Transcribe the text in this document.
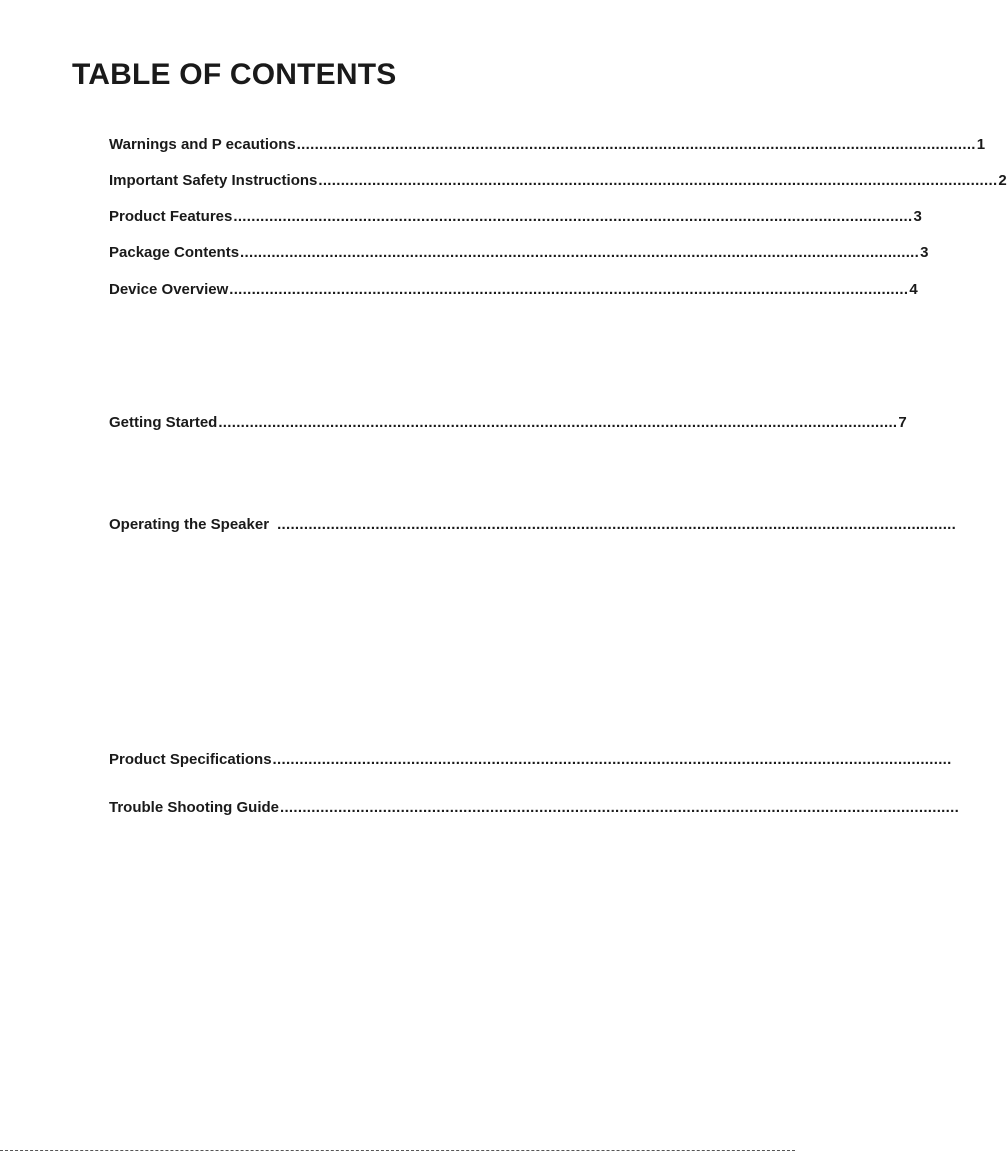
TABLE OF CONTENTS
Warnings and P ecautions ........................................................................................................................................................ 1
Important Safety Instructions ........................................................................................................................................................ 2
Product Features ........................................................................................................................................................ 3
Package Contents ........................................................................................................................................................ 3
Device Overview ........................................................................................................................................................ 4
Getting Started ........................................................................................................................................................ 7
Operating the Speaker ........................................................................................................................................................
Product Specifications ........................................................................................................................................................
Trouble Shooting Guide ........................................................................................................................................................
